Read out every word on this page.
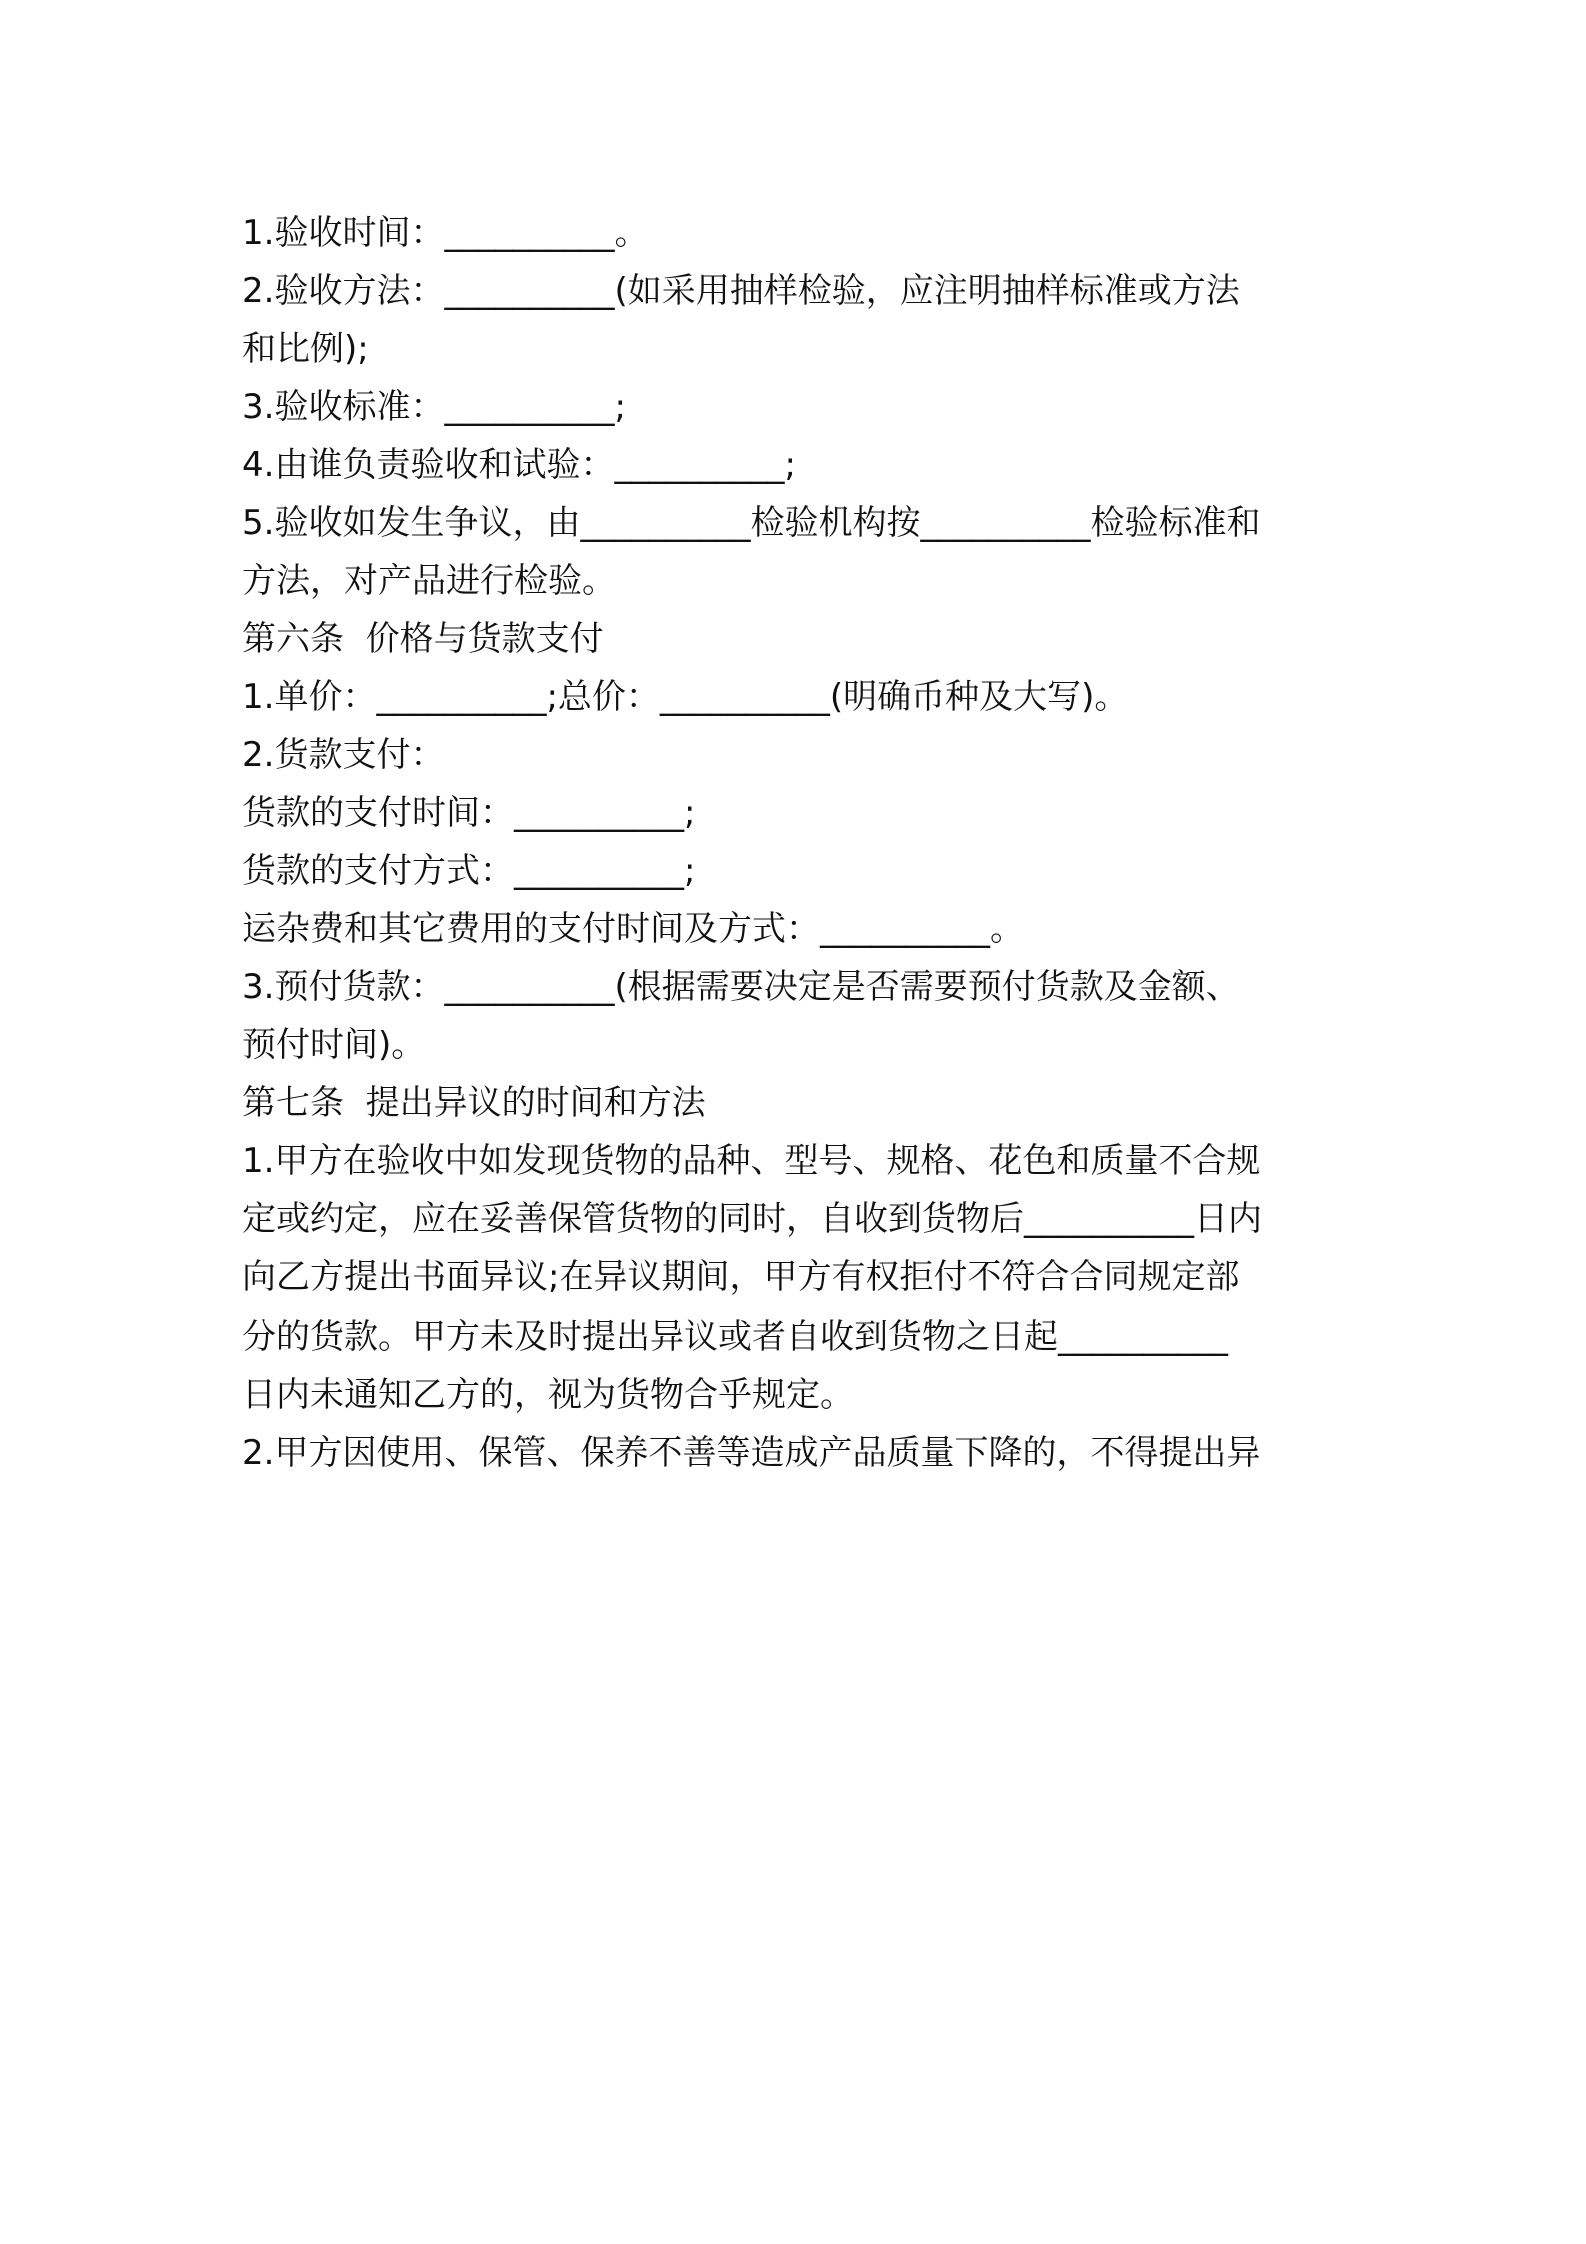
1.验收时间：__________。
2.验收方法：__________(如采用抽样检验，应注明抽样标准或方法
和比例);
3.验收标准：__________;
4.由谁负责验收和试验：__________;
5.验收如发生争议，由__________检验机构按__________检验标准和
方法，对产品进行检验。
第六条  价格与货款支付
1.单价：__________;总价：__________(明确币种及大写)。
2.货款支付：
货款的支付时间：__________;
货款的支付方式：__________;
运杂费和其它费用的支付时间及方式：__________。
3.预付货款：__________(根据需要决定是否需要预付货款及金额、
预付时间)。
第七条  提出异议的时间和方法
1.甲方在验收中如发现货物的品种、型号、规格、花色和质量不合规
定或约定，应在妥善保管货物的同时，自收到货物后__________日内
向乙方提出书面异议;在异议期间，甲方有权拒付不符合合同规定部
分的货款。甲方未及时提出异议或者自收到货物之日起__________
日内未通知乙方的，视为货物合乎规定。
2.甲方因使用、保管、保养不善等造成产品质量下降的，不得提出异
